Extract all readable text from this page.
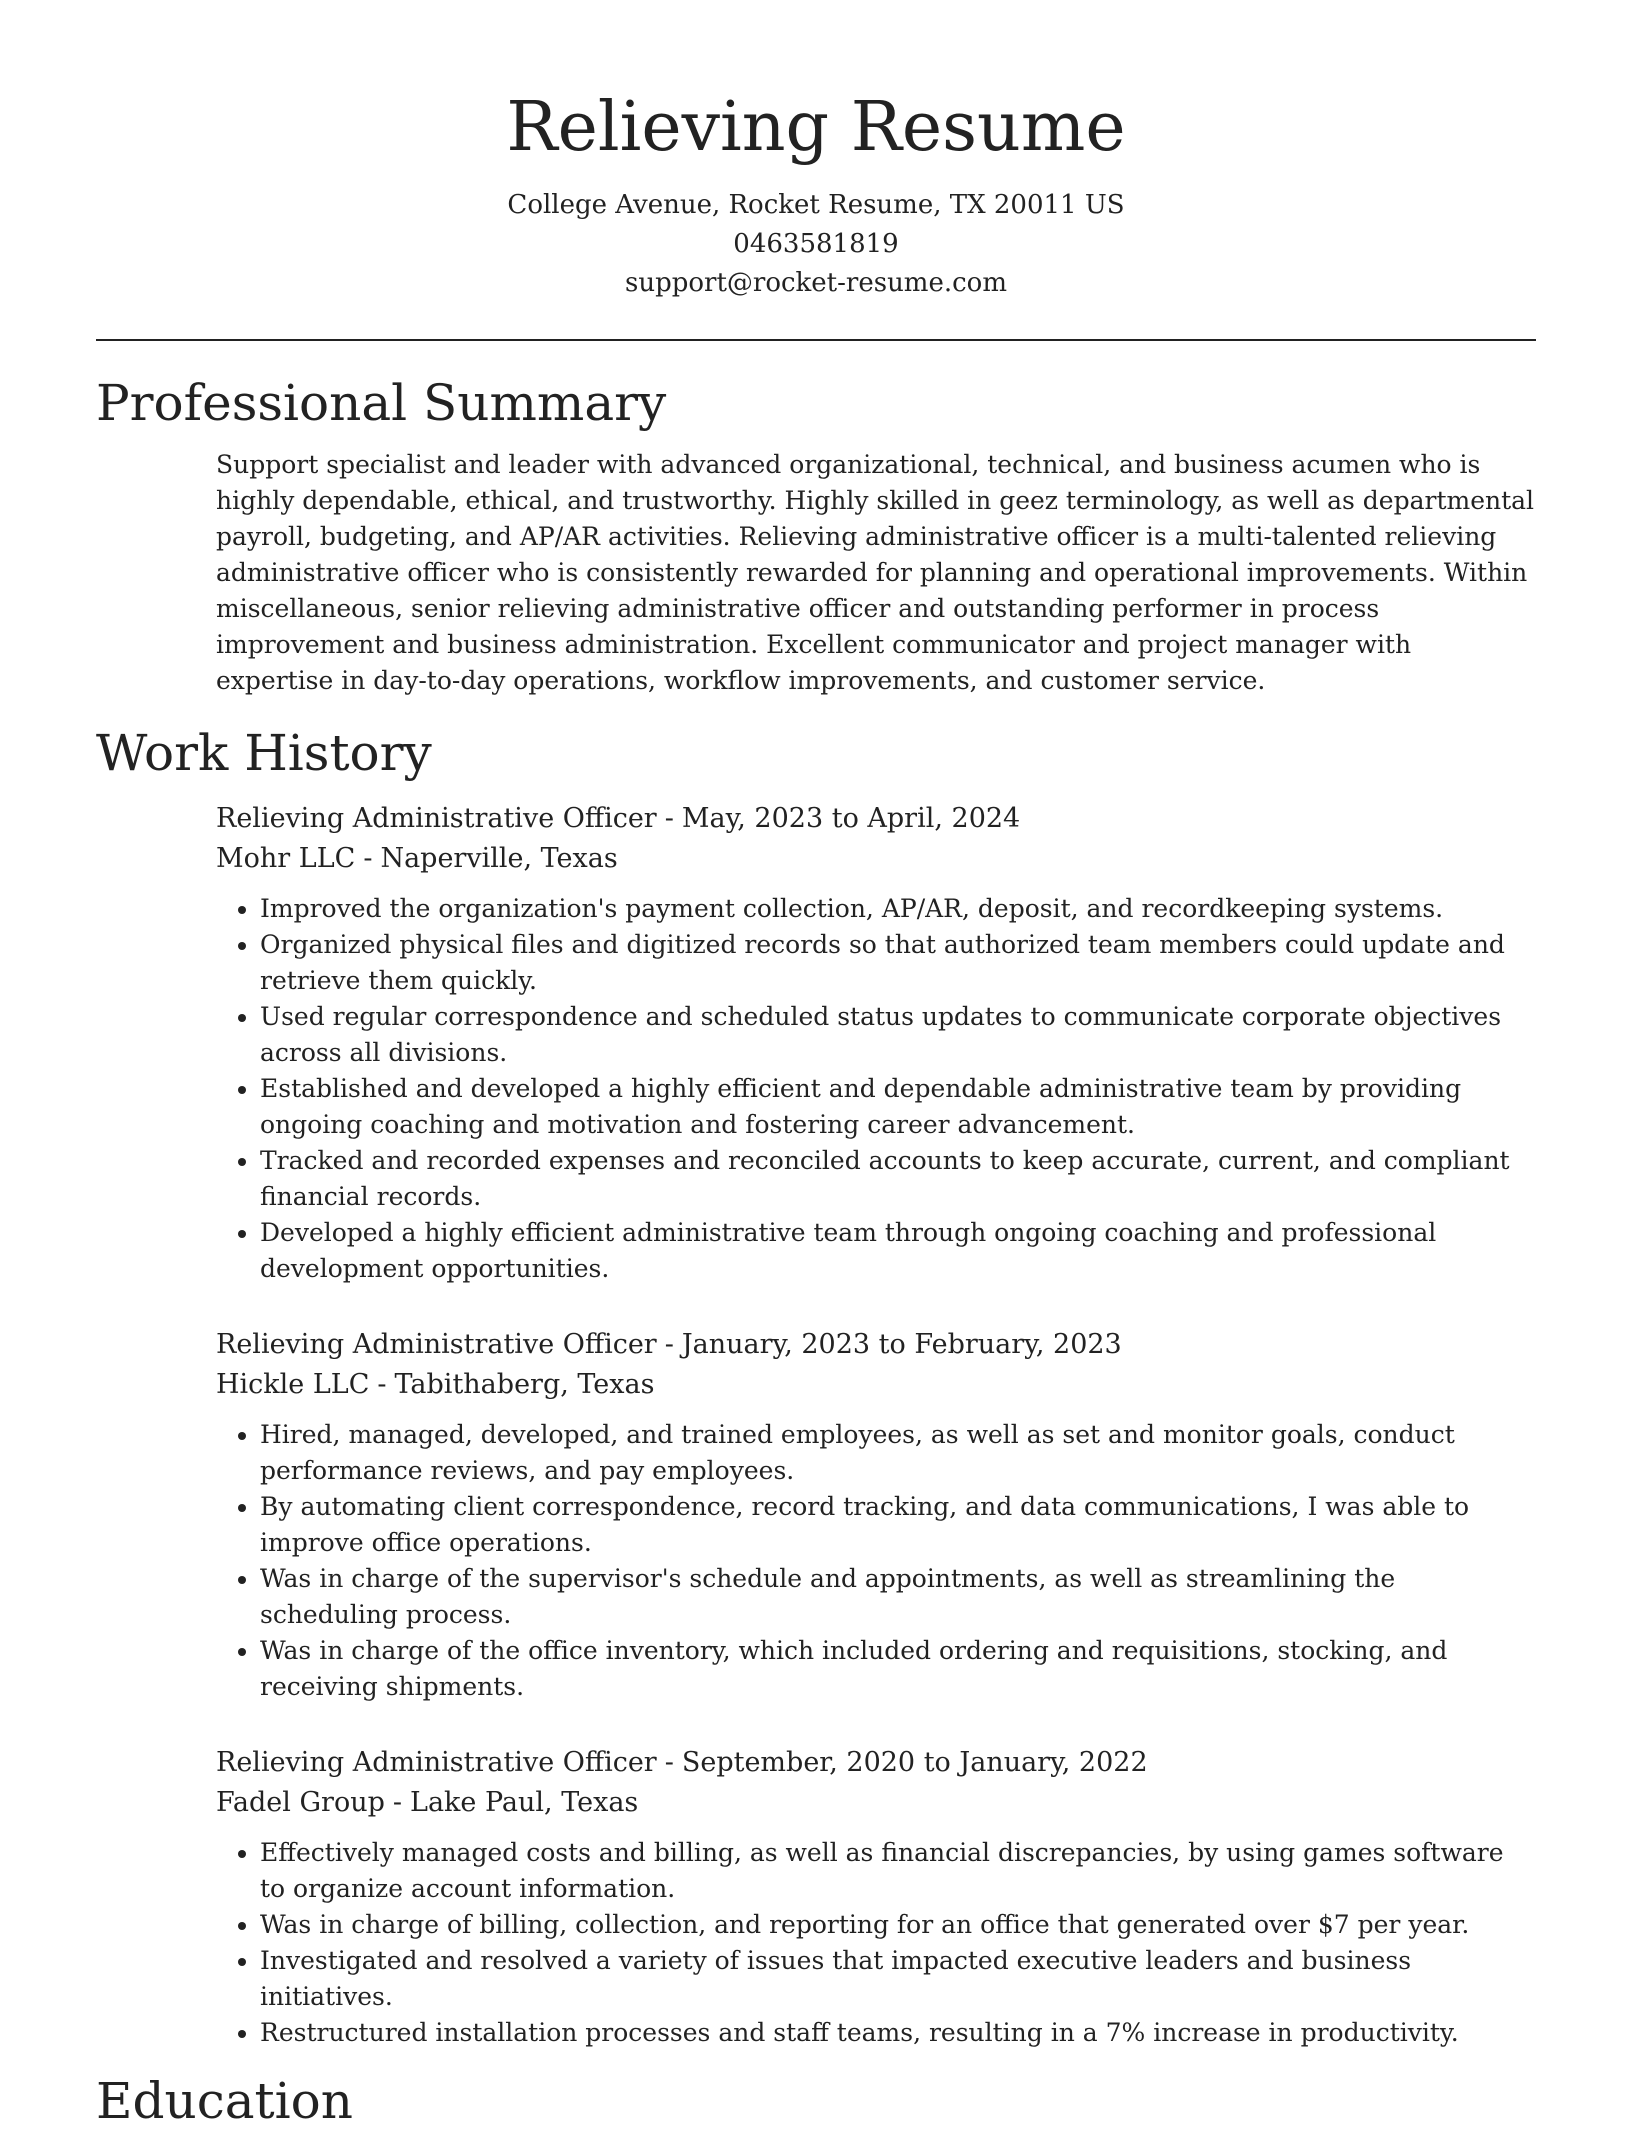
Relieving Resume
College Avenue, Rocket Resume, TX 20011 US
0463581819
support@rocket-resume.com
Professional Summary

Support specialist and leader with advanced organizational, technical, and business acumen who is highly dependable, ethical, and trustworthy. Highly skilled in geez terminology, as well as departmental payroll, budgeting, and AP/AR activities. Relieving administrative officer is a multi-talented relieving administrative officer who is consistently rewarded for planning and operational improvements. Within miscellaneous, senior relieving administrative officer and outstanding performer in process improvement and business administration. Excellent communicator and project manager with expertise in day-to-day operations, workflow improvements, and customer service.

Work History

Relieving Administrative Officer - May, 2023 to April, 2024

Mohr LLC - Naperville, Texas

• Improved the organization's payment collection, AP/AR, deposit, and recordkeeping systems.
• Organized physical files and digitized records so that authorized team members could update and retrieve them quickly.
• Used regular correspondence and scheduled status updates to communicate corporate objectives across all divisions.
• Established and developed a highly efficient and dependable administrative team by providing ongoing coaching and motivation and fostering career advancement.
• Tracked and recorded expenses and reconciled accounts to keep accurate, current, and compliant financial records.
• Developed a highly efficient administrative team through ongoing coaching and professional development opportunities.

Relieving Administrative Officer - January, 2023 to February, 2023

Hickle LLC - Tabithaberg, Texas

• Hired, managed, developed, and trained employees, as well as set and monitor goals, conduct performance reviews, and pay employees.
• By automating client correspondence, record tracking, and data communications, I was able to improve office operations.
• Was in charge of the supervisor's schedule and appointments, as well as streamlining the scheduling process.
• Was in charge of the office inventory, which included ordering and requisitions, stocking, and receiving shipments.

Relieving Administrative Officer - September, 2020 to January, 2022

Fadel Group - Lake Paul, Texas

• Effectively managed costs and billing, as well as financial discrepancies, by using games software to organize account information.
• Was in charge of billing, collection, and reporting for an office that generated over $7 per year.
• Investigated and resolved a variety of issues that impacted executive leaders and business initiatives.
• Restructured installation processes and staff teams, resulting in a 7% increase in productivity.
Education
